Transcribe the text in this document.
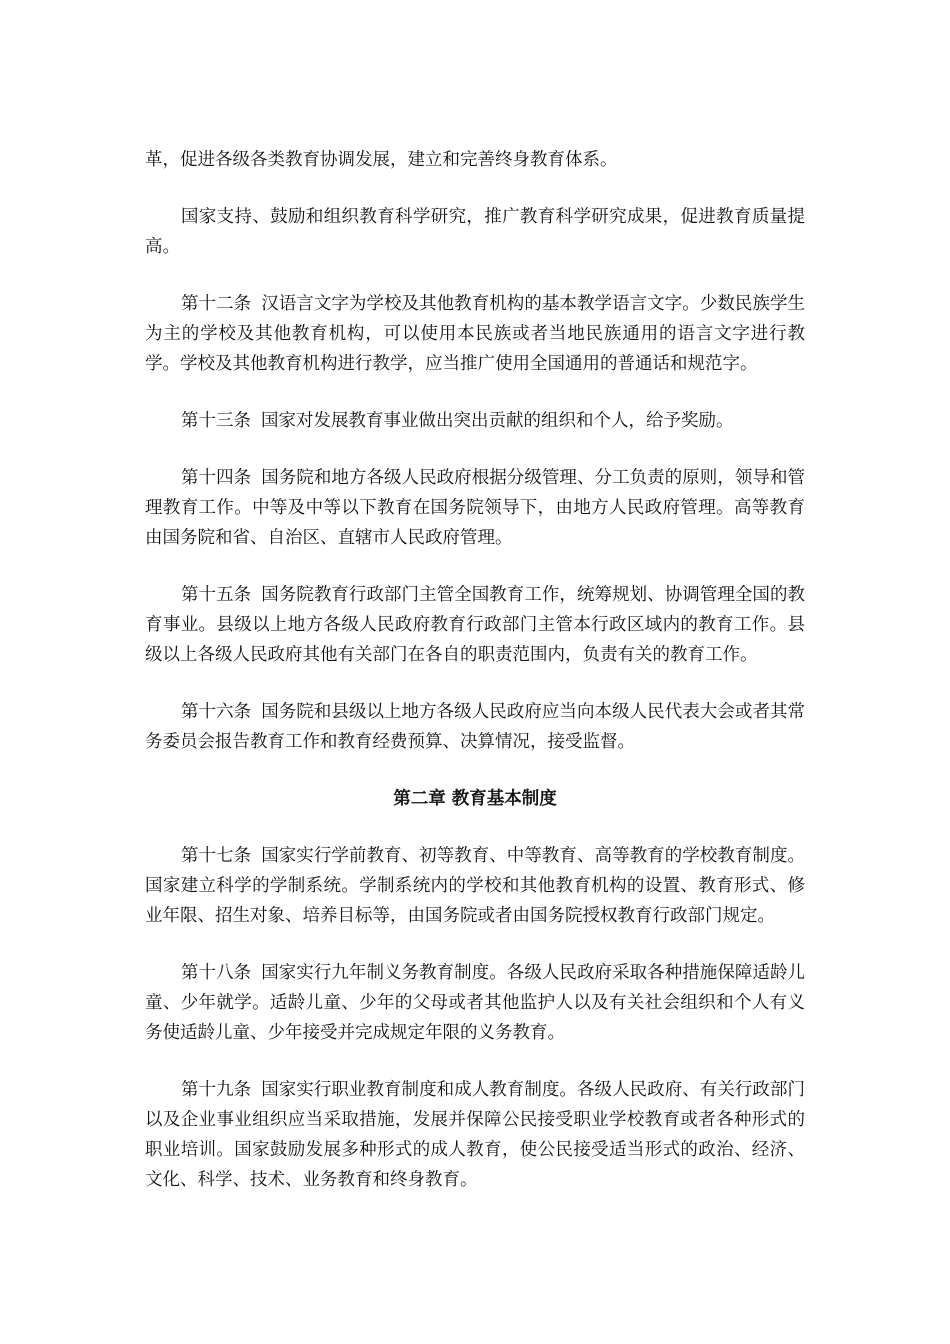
革，促进各级各类教育协调发展，建立和完善终身教育体系。

国家支持、鼓励和组织教育科学研究，推广教育科学研究成果，促进教育质量提高。

第十二条 汉语言文字为学校及其他教育机构的基本教学语言文字。少数民族学生为主的学校及其他教育机构，可以使用本民族或者当地民族通用的语言文字进行教学。学校及其他教育机构进行教学，应当推广使用全国通用的普通话和规范字。

第十三条 国家对发展教育事业做出突出贡献的组织和个人，给予奖励。

第十四条 国务院和地方各级人民政府根据分级管理、分工负责的原则，领导和管理教育工作。中等及中等以下教育在国务院领导下，由地方人民政府管理。高等教育由国务院和省、自治区、直辖市人民政府管理。

第十五条 国务院教育行政部门主管全国教育工作，统筹规划、协调管理全国的教育事业。县级以上地方各级人民政府教育行政部门主管本行政区域内的教育工作。县级以上各级人民政府其他有关部门在各自的职责范围内，负责有关的教育工作。

第十六条 国务院和县级以上地方各级人民政府应当向本级人民代表大会或者其常务委员会报告教育工作和教育经费预算、决算情况，接受监督。

第二章 教育基本制度

第十七条 国家实行学前教育、初等教育、中等教育、高等教育的学校教育制度。国家建立科学的学制系统。学制系统内的学校和其他教育机构的设置、教育形式、修业年限、招生对象、培养目标等，由国务院或者由国务院授权教育行政部门规定。

第十八条 国家实行九年制义务教育制度。各级人民政府采取各种措施保障适龄儿童、少年就学。适龄儿童、少年的父母或者其他监护人以及有关社会组织和个人有义务使适龄儿童、少年接受并完成规定年限的义务教育。

第十九条 国家实行职业教育制度和成人教育制度。各级人民政府、有关行政部门以及企业事业组织应当采取措施，发展并保障公民接受职业学校教育或者各种形式的职业培训。国家鼓励发展多种形式的成人教育，使公民接受适当形式的政治、经济、文化、科学、技术、业务教育和终身教育。
